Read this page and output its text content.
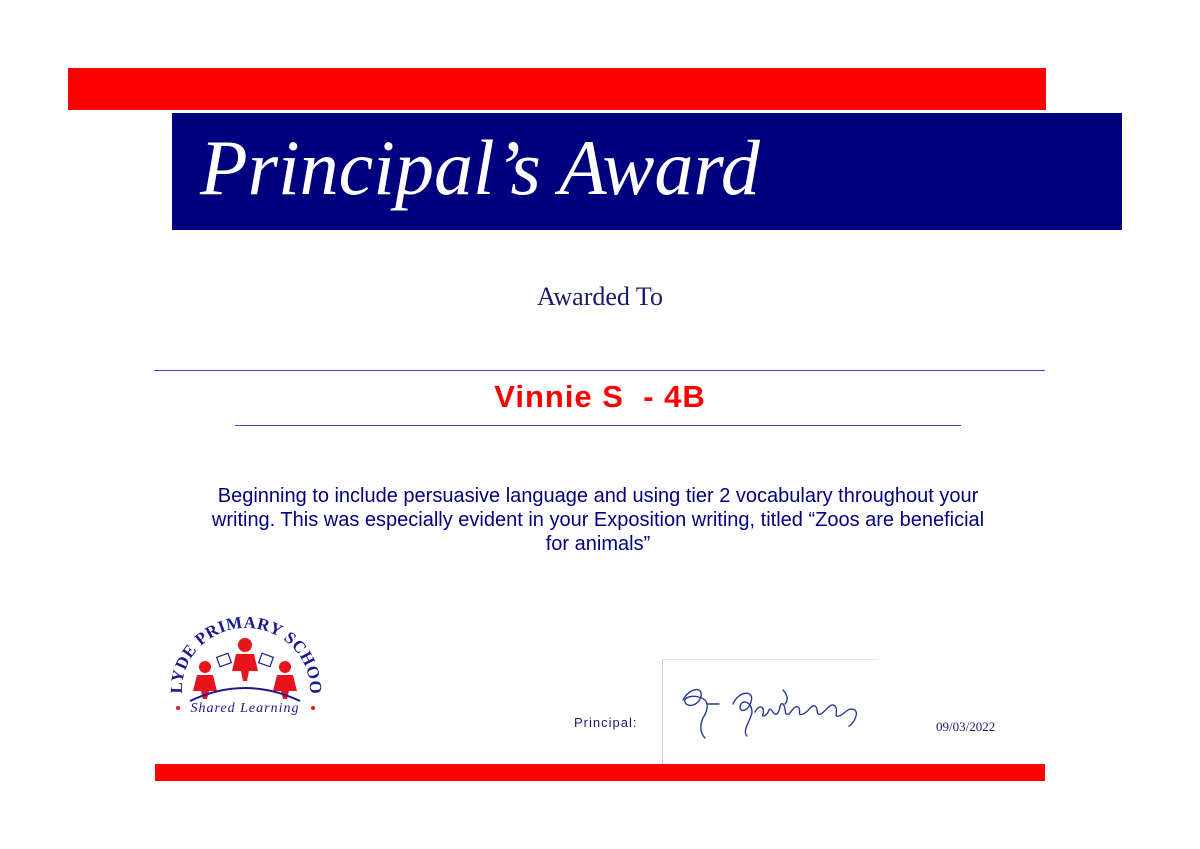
Principal’s Award
Awarded To
Vinnie S  - 4B
Beginning to include persuasive language and using tier 2 vocabulary throughout your writing. This was especially evident in your Exposition writing, titled “Zoos are beneficial for animals”
LYDE PRIMARY SCHOO
Shared Learning
Principal:	09/03/2022
